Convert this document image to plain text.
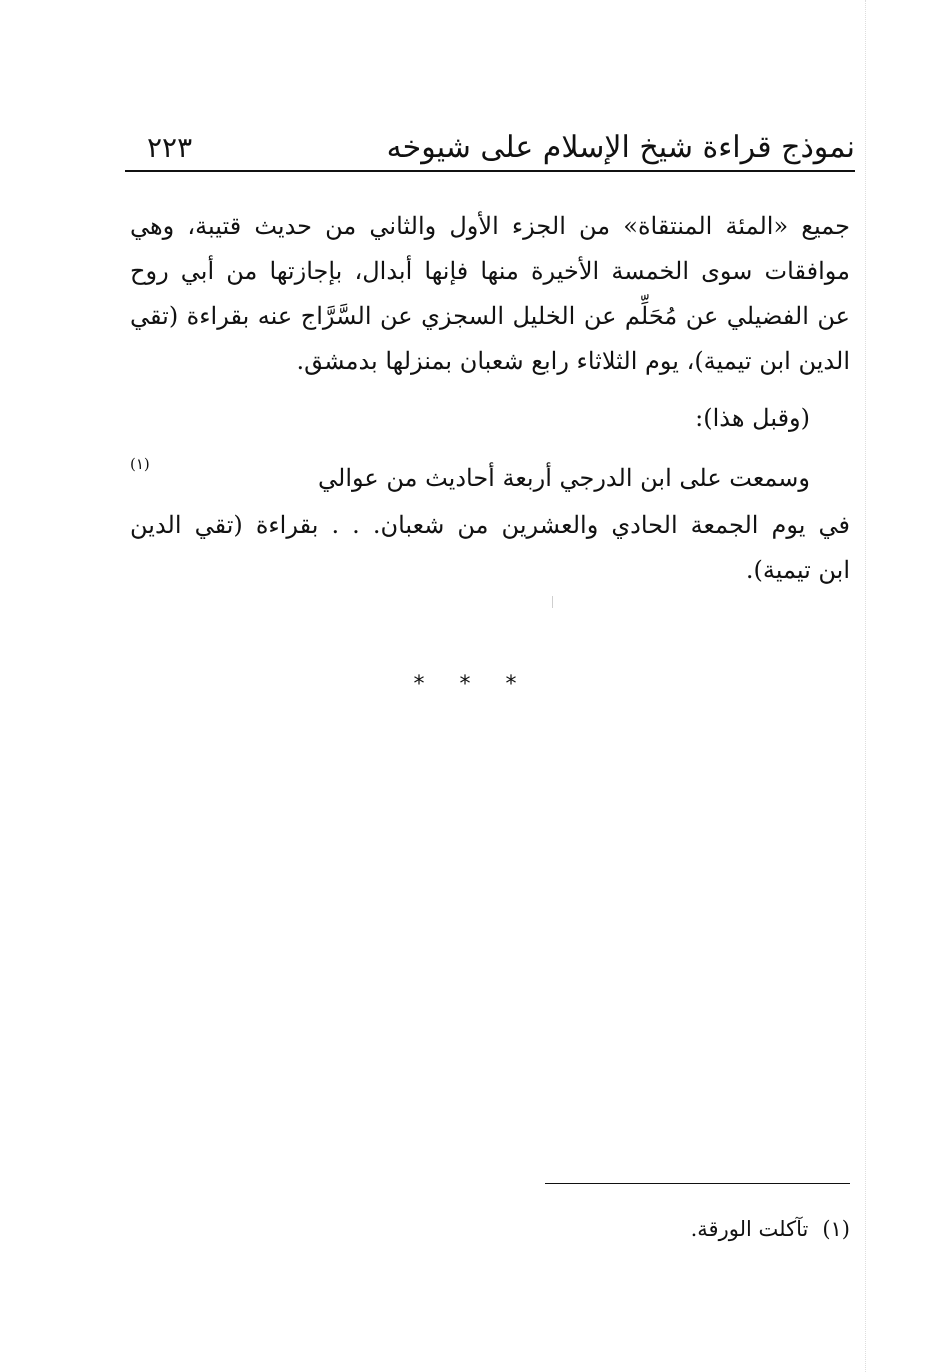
نموذج قراءة شيخ الإسلام على شيوخه
٢٢٣
جميع «المئة المنتقاة» من الجزء الأول والثاني من حديث قتيبة، وهي
موافقات سوى الخمسة الأخيرة منها فإنها أبدال، بإجازتها من أبي روح
عن الفضيلي عن مُحَلِّم عن الخليل السجزي عن السَّرَّاج عنه بقراءة (تقي
الدين ابن تيمية)، يوم الثلاثاء رابع شعبان بمنزلها بدمشق.
(وقبل هذا):
وسمعت على ابن الدرجي أربعة أحاديث من عوالي
(١)
في يوم الجمعة الحادي والعشرين من شعبان. . . بقراءة (تقي الدين
ابن تيمية).
* * *
(١)تآكلت الورقة.
